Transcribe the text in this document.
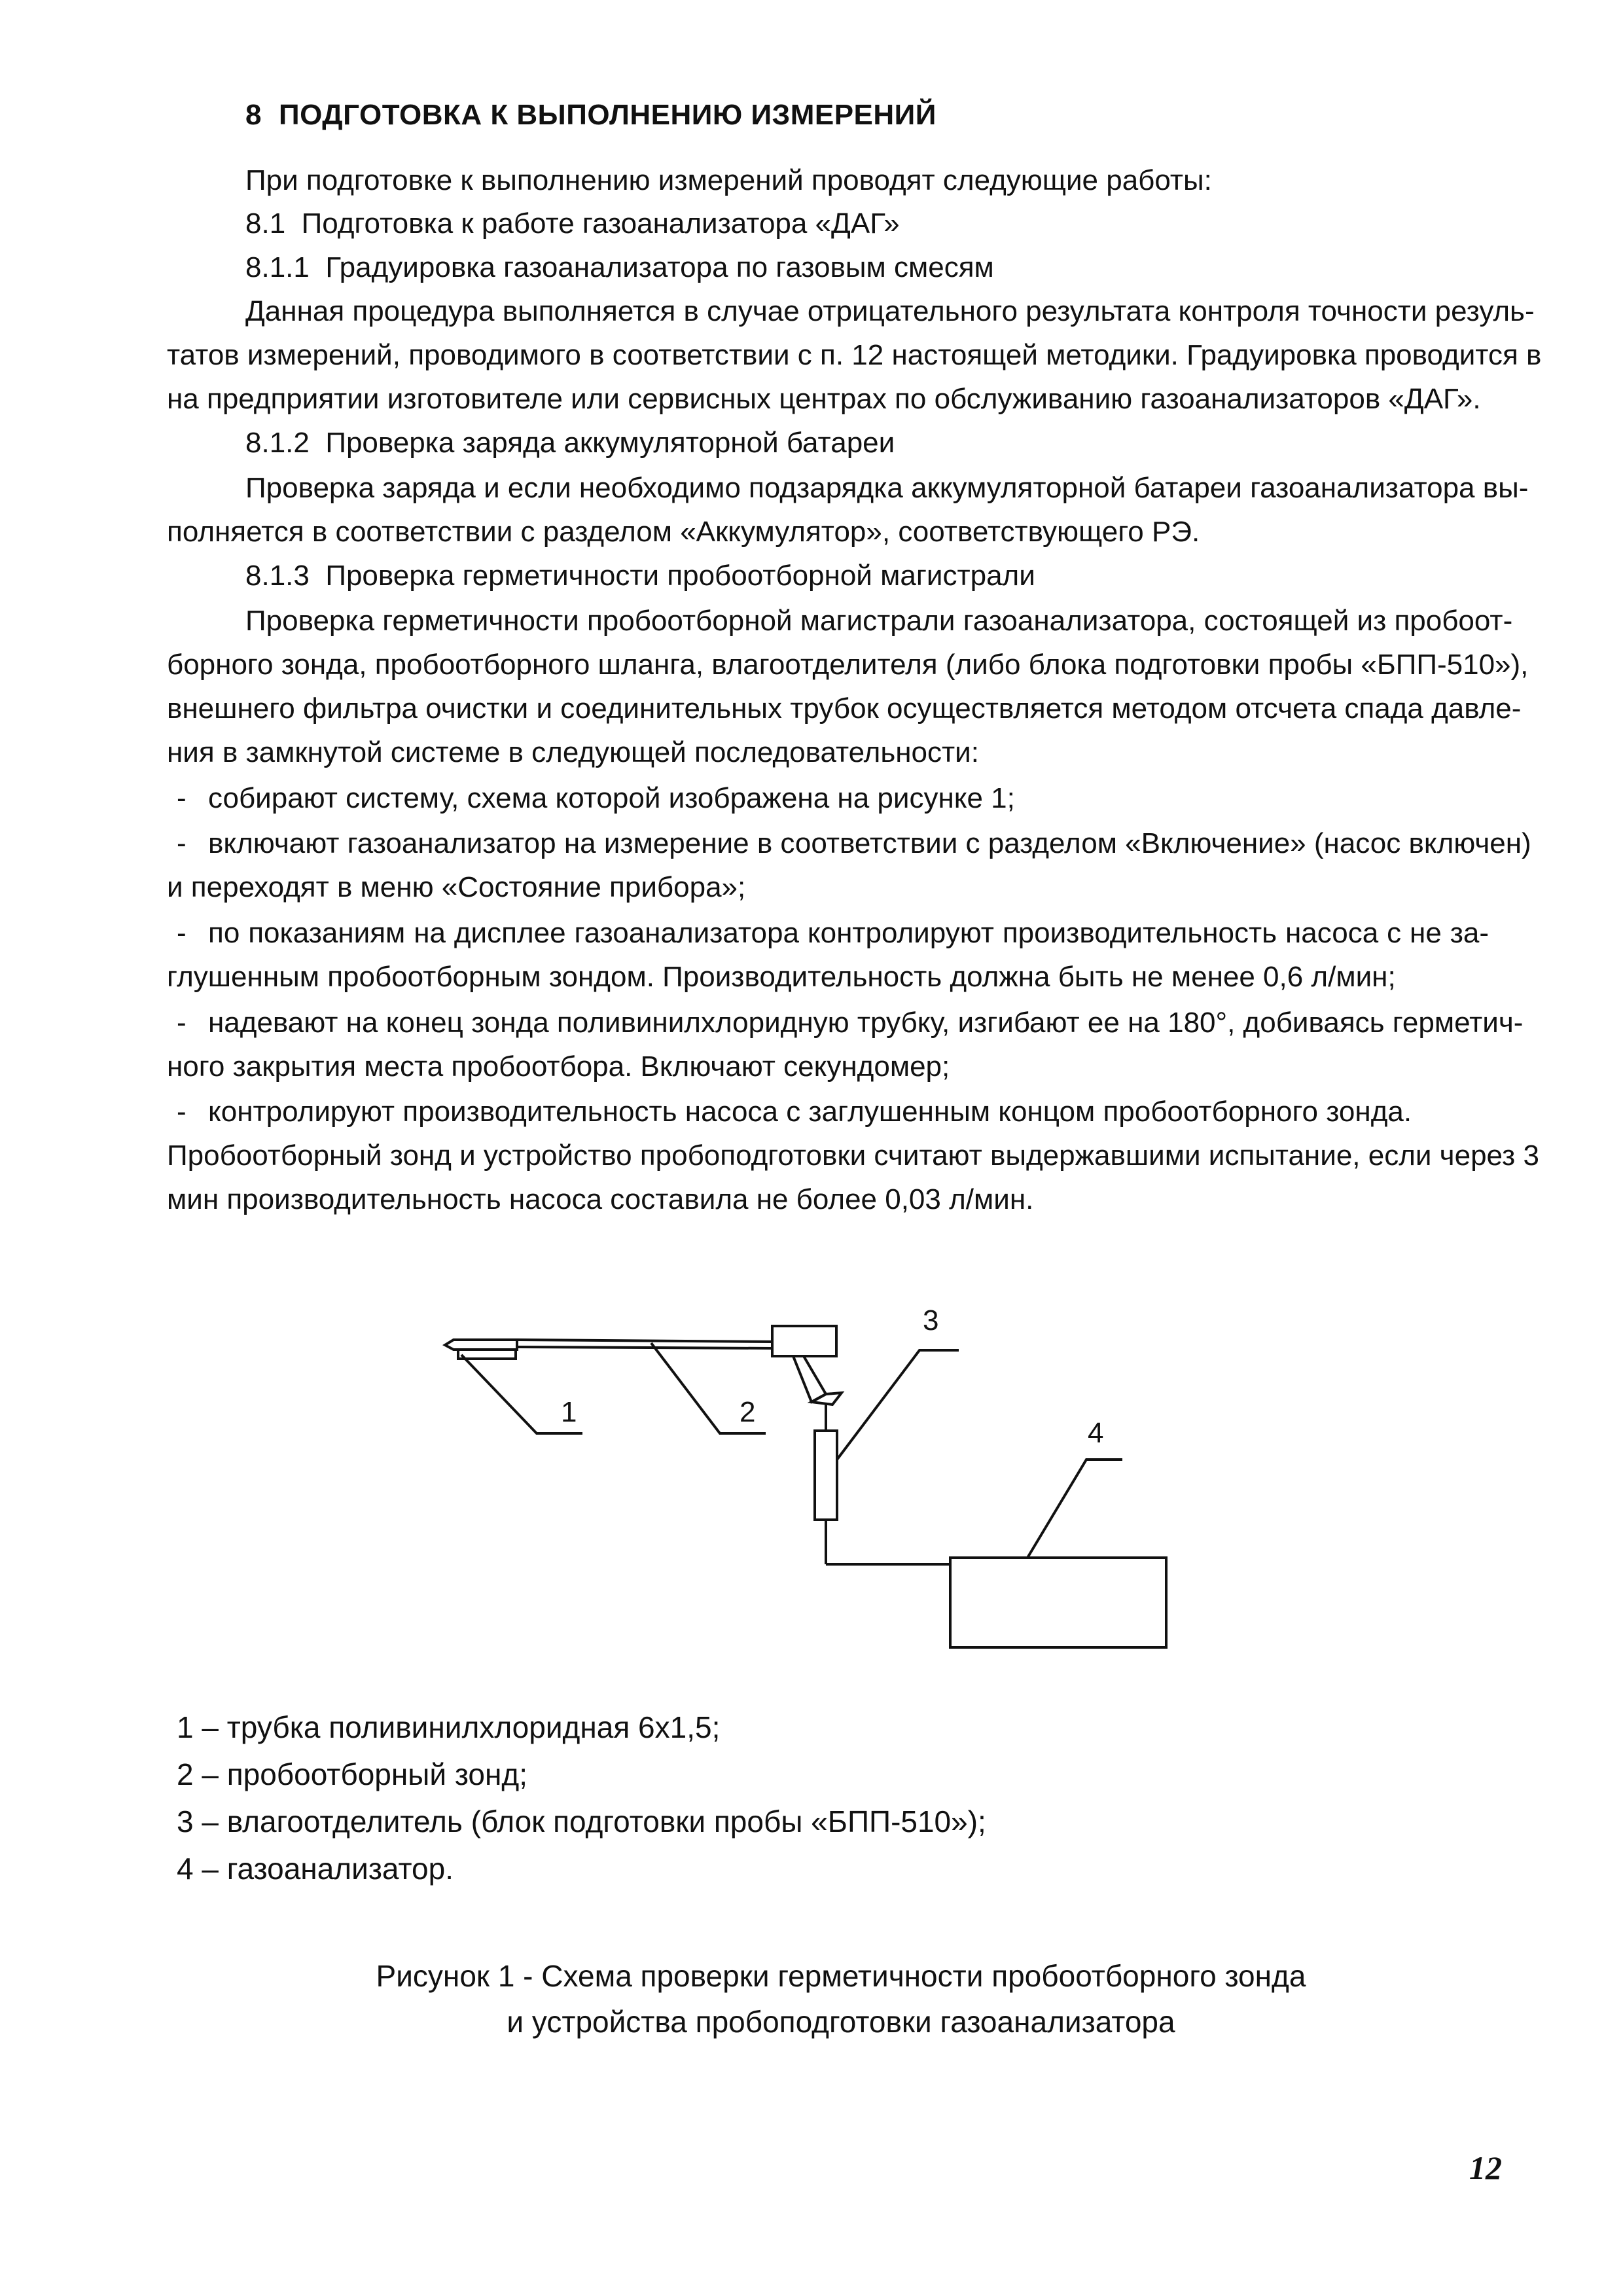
8 ПОДГОТОВКА К ВЫПОЛНЕНИЮ ИЗМЕРЕНИЙ
При подготовке к выполнению измерений проводят следующие работы:
8.1 Подготовка к работе газоанализатора «ДАГ»
8.1.1 Градуировка газоанализатора по газовым смесям
Данная процедура выполняется в случае отрицательного результата контроля точности резуль-
татов измерений, проводимого в соответствии с п. 12 настоящей методики. Градуировка проводится в
на предприятии изготовителе или сервисных центрах по обслуживанию газоанализаторов «ДАГ».
8.1.2 Проверка заряда аккумуляторной батареи
Проверка заряда и если необходимо подзарядка аккумуляторной батареи газоанализатора вы-
полняется в соответствии с разделом «Аккумулятор», соответствующего РЭ.
8.1.3 Проверка герметичности пробоотборной магистрали
Проверка герметичности пробоотборной магистрали газоанализатора, состоящей из пробоот-
борного зонда, пробоотборного шланга, влагоотделителя (либо блока подготовки пробы «БПП-510»),
внешнего фильтра очистки и соединительных трубок осуществляется методом отсчета спада давле-
ния в замкнутой системе в следующей последовательности:
- собирают систему, схема которой изображена на рисунке 1;
- включают газоанализатор на измерение в соответствии с разделом «Включение» (насос включен)
и переходят в меню «Состояние прибора»;
- по показаниям на дисплее газоанализатора контролируют производительность насоса с не за-
глушенным пробоотборным зондом. Производительность должна быть не менее 0,6 л/мин;
- надевают на конец зонда поливинилхлоридную трубку, изгибают ее на 180°, добиваясь герметич-
ного закрытия места пробоотбора. Включают секундомер;
- контролируют производительность насоса с заглушенным концом пробоотборного зонда.
Пробоотборный зонд и устройство пробоподготовки считают выдержавшими испытание, если через 3
мин производительность насоса составила не более 0,03 л/мин.
1	2
3
4
1 – трубка поливинилхлоридная 6х1,5;
2 – пробоотборный зонд;
3 – влагоотделитель (блок подготовки пробы «БПП-510»);
4 – газоанализатор.
Рисунок 1 - Схема проверки герметичности пробоотборного зонда
и устройства пробоподготовки газоанализатора
12
